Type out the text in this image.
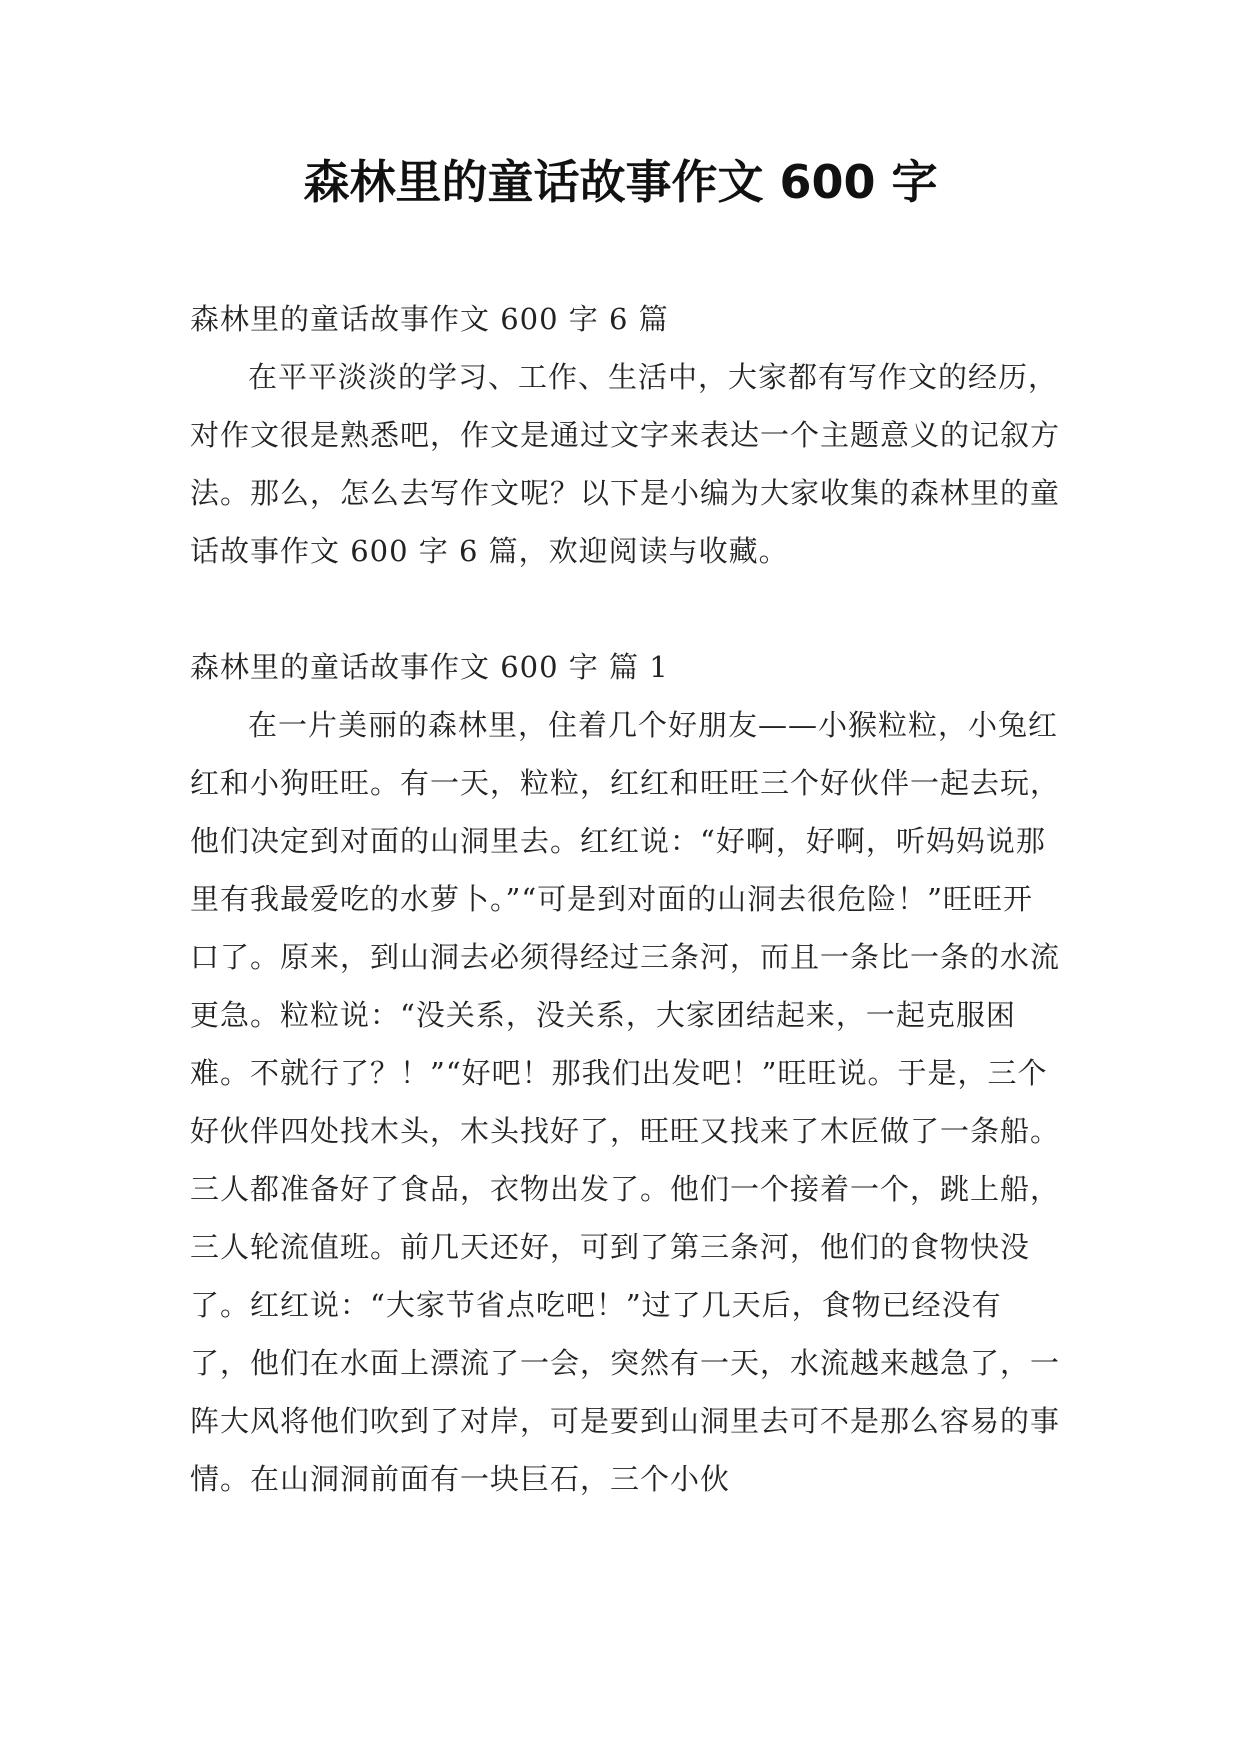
森林里的童话故事作文 600 字

森林里的童话故事作文 600 字 6 篇

在平平淡淡的学习、工作、生活中，大家都有写作文的经历，对作文很是熟悉吧，作文是通过文字来表达一个主题意义的记叙方法。那么，怎么去写作文呢？以下是小编为大家收集的森林里的童话故事作文 600 字 6 篇，欢迎阅读与收藏。

森林里的童话故事作文 600 字 篇 1

在一片美丽的森林里，住着几个好朋友——小猴粒粒，小兔红红和小狗旺旺。有一天，粒粒，红红和旺旺三个好伙伴一起去玩，他们决定到对面的山洞里去。红红说：“好啊，好啊，听妈妈说那里有我最爱吃的水萝卜。”“可是到对面的山洞去很危险！”旺旺开口了。原来，到山洞去必须得经过三条河，而且一条比一条的水流更急。粒粒说：“没关系，没关系，大家团结起来，一起克服困难。不就行了？！”“好吧！那我们出发吧！”旺旺说。于是，三个好伙伴四处找木头，木头找好了，旺旺又找来了木匠做了一条船。三人都准备好了食品，衣物出发了。他们一个接着一个，跳上船，三人轮流值班。前几天还好，可到了第三条河，他们的食物快没了。红红说：“大家节省点吃吧！”过了几天后，食物已经没有了，他们在水面上漂流了一会，突然有一天，水流越来越急了，一阵大风将他们吹到了对岸，可是要到山洞里去可不是那么容易的事情。在山洞洞前面有一块巨石，三个小伙
